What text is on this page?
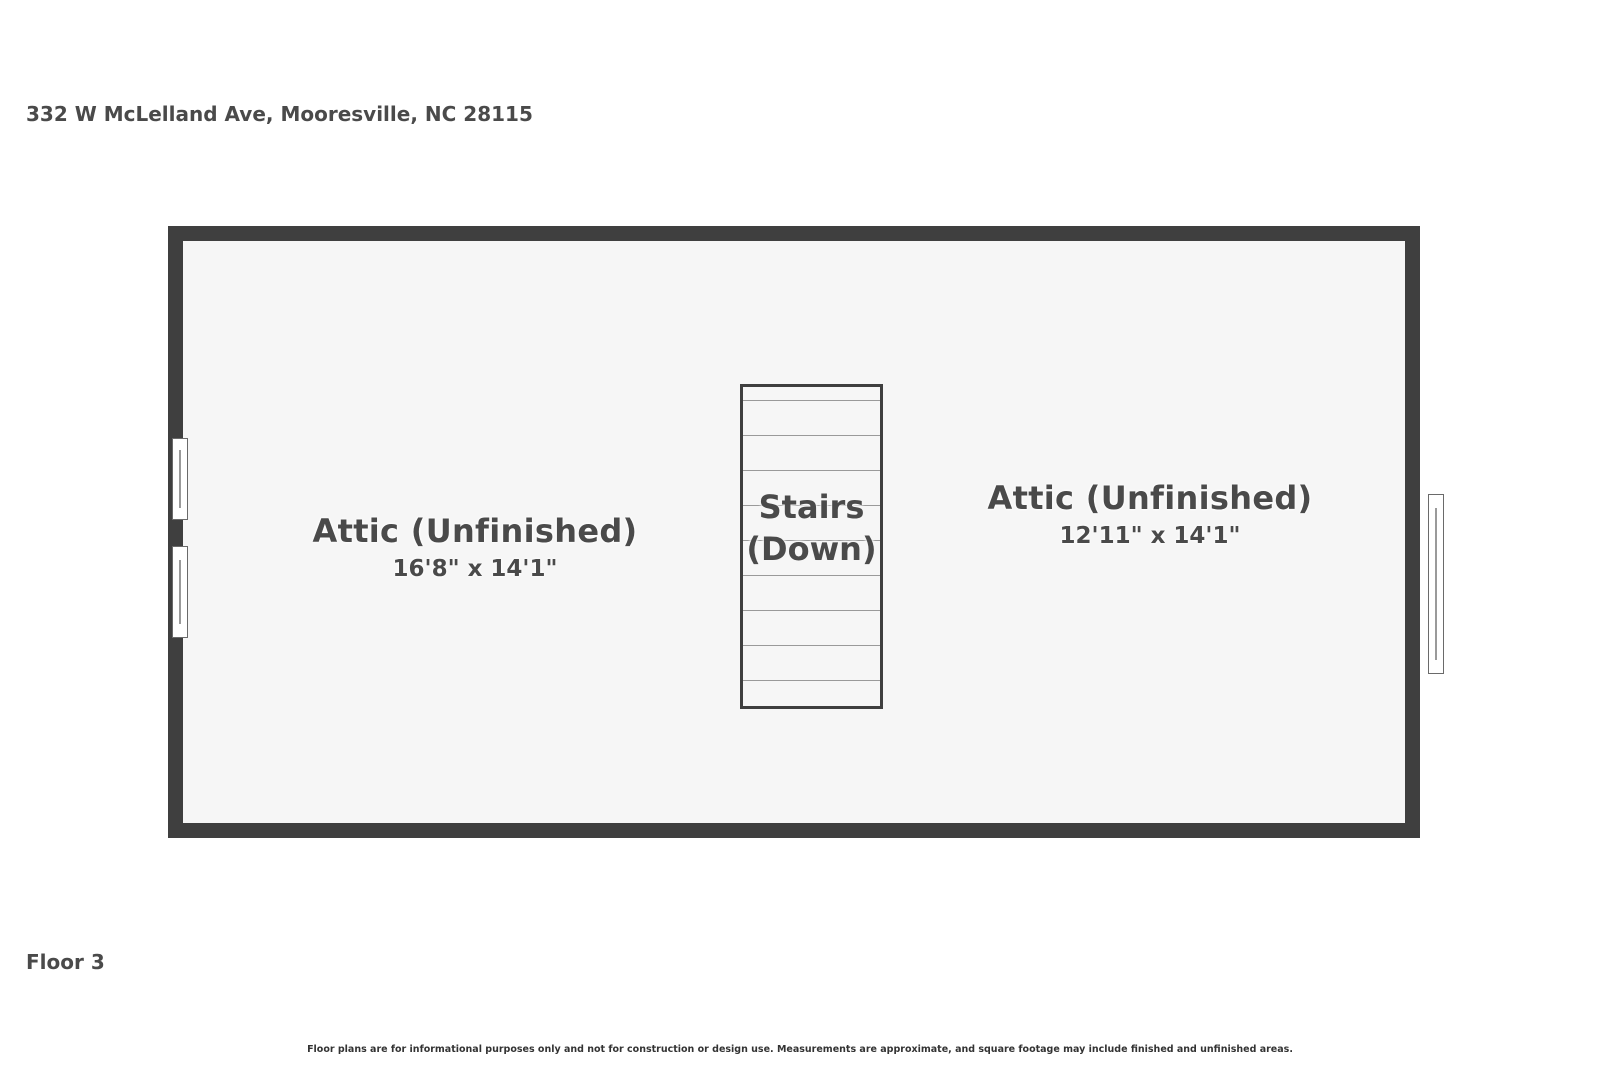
332 W McLelland Ave, Mooresville, NC 28115
Stairs
(Down)
Attic (Unfinished)
16'8" x 14'1"
Attic (Unfinished)
12'11" x 14'1"
Floor 3
Floor plans are for informational purposes only and not for construction or design use. Measurements are approximate, and square footage may include finished and unfinished areas.
